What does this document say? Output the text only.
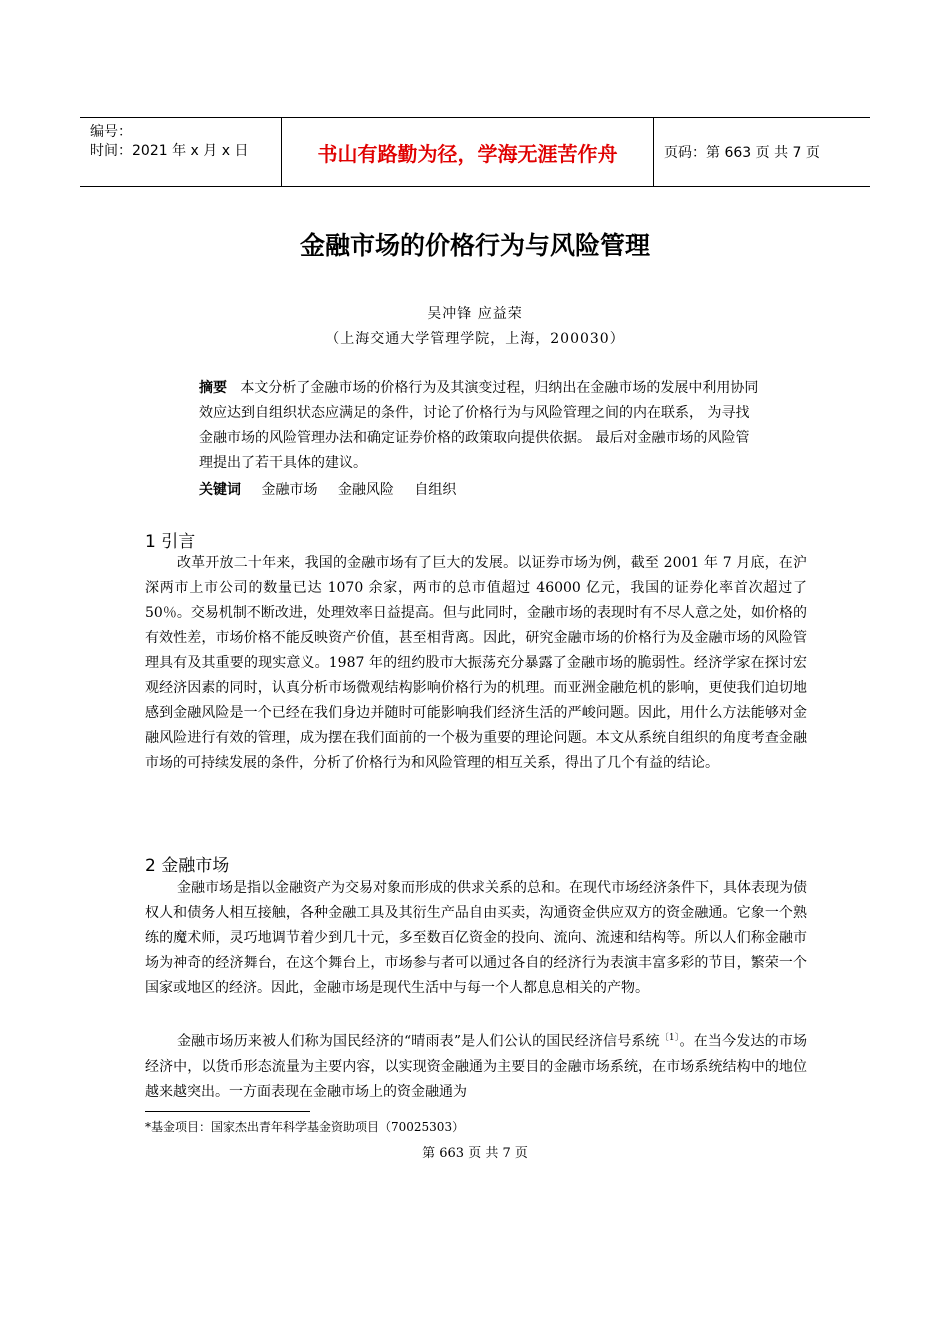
编号：
时间：2021 年 x 月 x 日	书山有路勤为径，学海无涯苦作舟	页码：第 663 页 共 7 页
金融市场的价格行为与风险管理
吴冲锋 应益荣
（上海交通大学管理学院，上海，200030）
摘要 本文分析了金融市场的价格行为及其演变过程，归纳出在金融市场的发展中利用协同效应达到自组织状态应满足的条件，讨论了价格行为与风险管理之间的内在联系， 为寻找金融市场的风险管理办法和确定证券价格的政策取向提供依据。 最后对金融市场的风险管理提出了若干具体的建议。
关键词 金融市场 金融风险 自组织
1 引言
改革开放二十年来，我国的金融市场有了巨大的发展。以证券市场为例，截至 2001 年 7 月底，在沪深两市上市公司的数量已达 1070 余家，两市的总市值超过 46000 亿元，我国的证券化率首次超过了 50％。交易机制不断改进，处理效率日益提高。但与此同时，金融市场的表现时有不尽人意之处，如价格的有效性差，市场价格不能反映资产价值，甚至相背离。因此，研究金融市场的价格行为及金融市场的风险管理具有及其重要的现实意义。1987 年的纽约股市大振荡充分暴露了金融市场的脆弱性。经济学家在探讨宏观经济因素的同时，认真分析市场微观结构影响价格行为的机理。而亚洲金融危机的影响，更使我们迫切地感到金融风险是一个已经在我们身边并随时可能影响我们经济生活的严峻问题。因此，用什么方法能够对金融风险进行有效的管理，成为摆在我们面前的一个极为重要的理论问题。本文从系统自组织的角度考查金融市场的可持续发展的条件，分析了价格行为和风险管理的相互关系，得出了几个有益的结论。
2 金融市场
金融市场是指以金融资产为交易对象而形成的供求关系的总和。在现代市场经济条件下，具体表现为债权人和债务人相互接触，各种金融工具及其衍生产品自由买卖，沟通资金供应双方的资金融通。它象一个熟练的魔术师，灵巧地调节着少到几十元，多至数百亿资金的投向、流向、流速和结构等。所以人们称金融市场为神奇的经济舞台，在这个舞台上，市场参与者可以通过各自的经济行为表演丰富多彩的节目，繁荣一个国家或地区的经济。因此，金融市场是现代生活中与每一个人都息息相关的产物。
金融市场历来被人们称为国民经济的“晴雨表”是人们公认的国民经济信号系统$^{〔1〕}$。在当今发达的市场经济中，以货币形态流量为主要内容，以实现资金融通为主要目的金融市场系统，在市场系统结构中的地位越来越突出。一方面表现在金融市场上的资金融通为
*基金项目：国家杰出青年科学基金资助项目（70025303）
第 663 页 共 7 页
